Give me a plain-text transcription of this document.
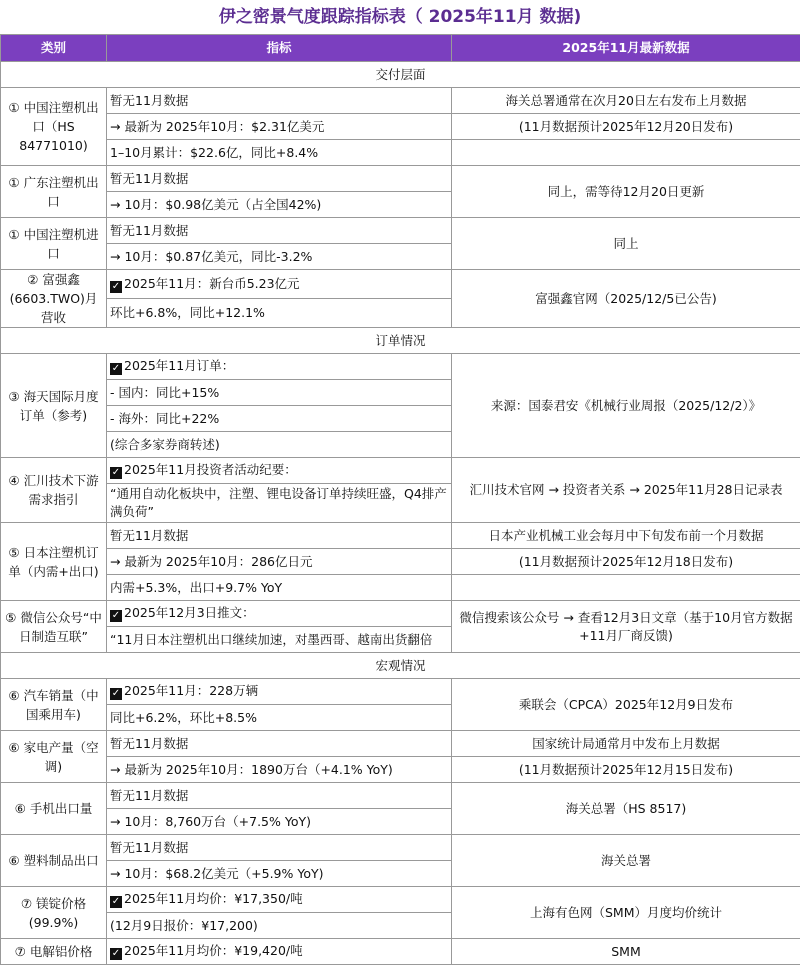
伊之密景气度跟踪指标表（ 2025年11月 数据)
类别	指标	2025年11月最新数据
交付层面		
① 中国注塑机出口（HS 84771010)	暂无11月数据	海关总署通常在次月20日左右发布上月数据
	→ 最新为 2025年10月：$2.31亿美元	(11月数据预计2025年12月20日发布)
	1–10月累计：$22.6亿，同比+8.4%	
① 广东注塑机出口	暂无11月数据	同上，需等待12月20日更新
	→ 10月：$0.98亿美元（占全国42%)	
① 中国注塑机进口	暂无11月数据	同上
	→ 10月：$0.87亿美元，同比-3.2%	
② 富强鑫(6603.TWO)月营收	✓ 2025年11月：新台币5.23亿元	富强鑫官网（2025/12/5已公告)
	环比+6.8%，同比+12.1%	
订单情况		
③ 海天国际月度订单（参考)	✓ 2025年11月订单：	来源：国泰君安《机械行业周报（2025/12/2）》
	- 国内：同比+15%	
	- 海外：同比+22%	
	(综合多家券商转述)	
④ 汇川技术下游需求指引	✓ 2025年11月投资者活动纪要：	汇川技术官网 → 投资者关系 → 2025年11月28日记录表
	“通用自动化板块中，注塑、锂电设备订单持续旺盛，Q4排产满负荷”	
⑤ 日本注塑机订单（内需+出口)	暂无11月数据	日本产业机械工业会每月中下旬发布前一个月数据
	→ 最新为 2025年10月：286亿日元	(11月数据预计2025年12月18日发布)
	内需+5.3%，出口+9.7% YoY	
⑤ 微信公众号“中日制造互联”	✓ 2025年12月3日推文：	微信搜索该公众号 → 查看12月3日文章（基于10月官方数据+11月厂商反馈)
	“11月日本注塑机出口继续加速，对墨西哥、越南出货翻倍	
宏观情况		
⑥ 汽车销量（中国乘用车)	✓ 2025年11月：228万辆	乘联会（CPCA）2025年12月9日发布
	同比+6.2%，环比+8.5%	
⑥ 家电产量（空调)	暂无11月数据	国家统计局通常月中发布上月数据
	→ 最新为 2025年10月：1890万台（+4.1% YoY)	(11月数据预计2025年12月15日发布)
⑥ 手机出口量	暂无11月数据	海关总署（HS 8517)
	→ 10月：8,760万台（+7.5% YoY)	
⑥ 塑料制品出口	暂无11月数据	海关总署
	→ 10月：$68.2亿美元（+5.9% YoY)	
⑦ 镁锭价格(99.9%)	✓ 2025年11月均价：¥17,350/吨	上海有色网（SMM）月度均价统计
	(12月9日报价：¥17,200)	
⑦ 电解铝价格	✓ 2025年11月均价：¥19,420/吨	SMM
